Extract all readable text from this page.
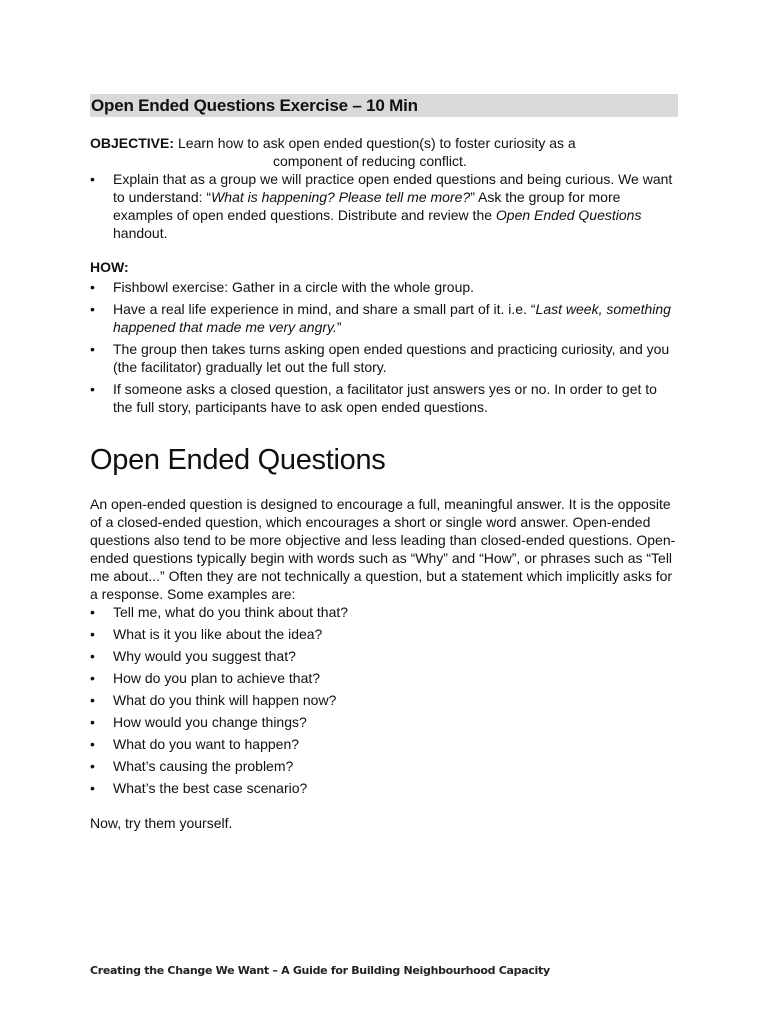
Open Ended Questions Exercise – 10 Min
OBJECTIVE: Learn how to ask open ended question(s) to foster curiosity as a
component of reducing conflict.
• Explain that as a group we will practice open ended questions and being curious. We want to understand: “What is happening? Please tell me more?” Ask the group for more examples of open ended questions. Distribute and review the Open Ended Questions handout.
HOW:
• Fishbowl exercise: Gather in a circle with the whole group.
• Have a real life experience in mind, and share a small part of it. i.e. “Last week, something happened that made me very angry.”
• The group then takes turns asking open ended questions and practicing curiosity, and you (the facilitator) gradually let out the full story.
• If someone asks a closed question, a facilitator just answers yes or no. In order to get to the full story, participants have to ask open ended questions.
Open Ended Questions

An open-ended question is designed to encourage a full, meaningful answer. It is the opposite of a closed-ended question, which encourages a short or single word answer. Open-ended questions also tend to be more objective and less leading than closed-ended questions. Open-ended questions typically begin with words such as “Why” and “How”, or phrases such as “Tell me about...” Often they are not technically a question, but a statement which implicitly asks for a response. Some examples are:

• Tell me, what do you think about that?
• What is it you like about the idea?
• Why would you suggest that?
• How do you plan to achieve that?
• What do you think will happen now?
• How would you change things?
• What do you want to happen?
• What’s causing the problem?
• What’s the best case scenario?

Now, try them yourself.

Creating the Change We Want – A Guide for Building Neighbourhood Capacity
